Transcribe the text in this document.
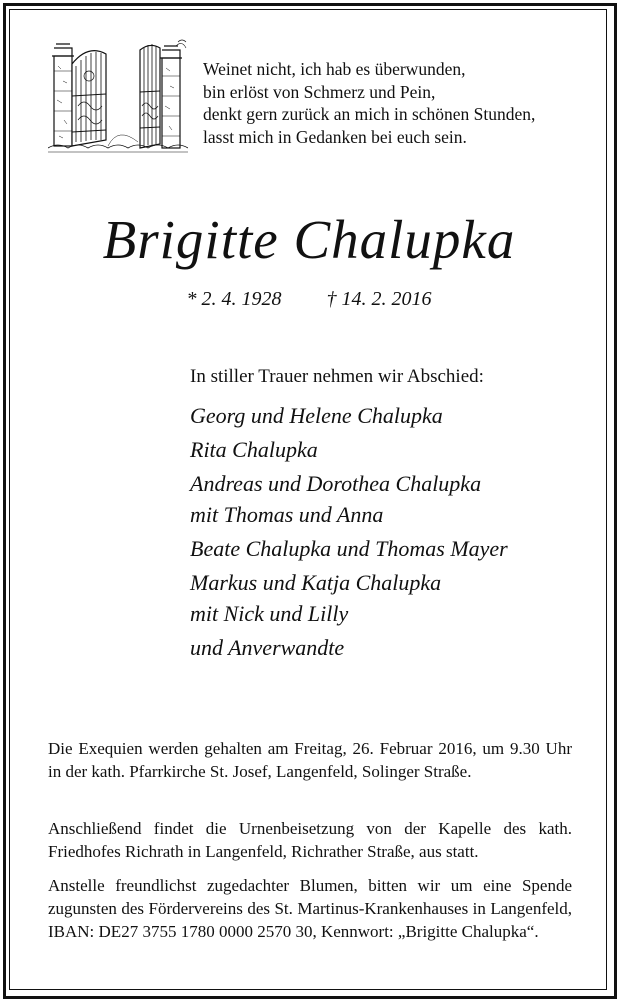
Weinet nicht, ich hab es überwunden,
bin erlöst von Schmerz und Pein,
denkt gern zurück an mich in schönen Stunden,
lasst mich in Gedanken bei euch sein.
Brigitte Chalupka
* 2. 4. 1928 † 14. 2. 2016
In stiller Trauer nehmen wir Abschied:
Georg und Helene Chalupka
Rita Chalupka
Andreas und Dorothea Chalupka
mit Thomas und Anna
Beate Chalupka und Thomas Mayer
Markus und Katja Chalupka
mit Nick und Lilly
und Anverwandte
Die Exequien werden gehalten am Freitag, 26. Februar 2016, um 9.30 Uhr in der kath. Pfarrkirche St. Josef, Langenfeld, Solinger Straße.
Anschließend findet die Urnenbeisetzung von der Kapelle des kath. Friedhofes Richrath in Langenfeld, Richrather Straße, aus statt.
Anstelle freundlichst zugedachter Blumen, bitten wir um eine Spende zugunsten des Fördervereins des St. Martinus-Krankenhauses in Langenfeld, IBAN: DE27 3755 1780 0000 2570 30, Kennwort: „Brigitte Chalupka“.
